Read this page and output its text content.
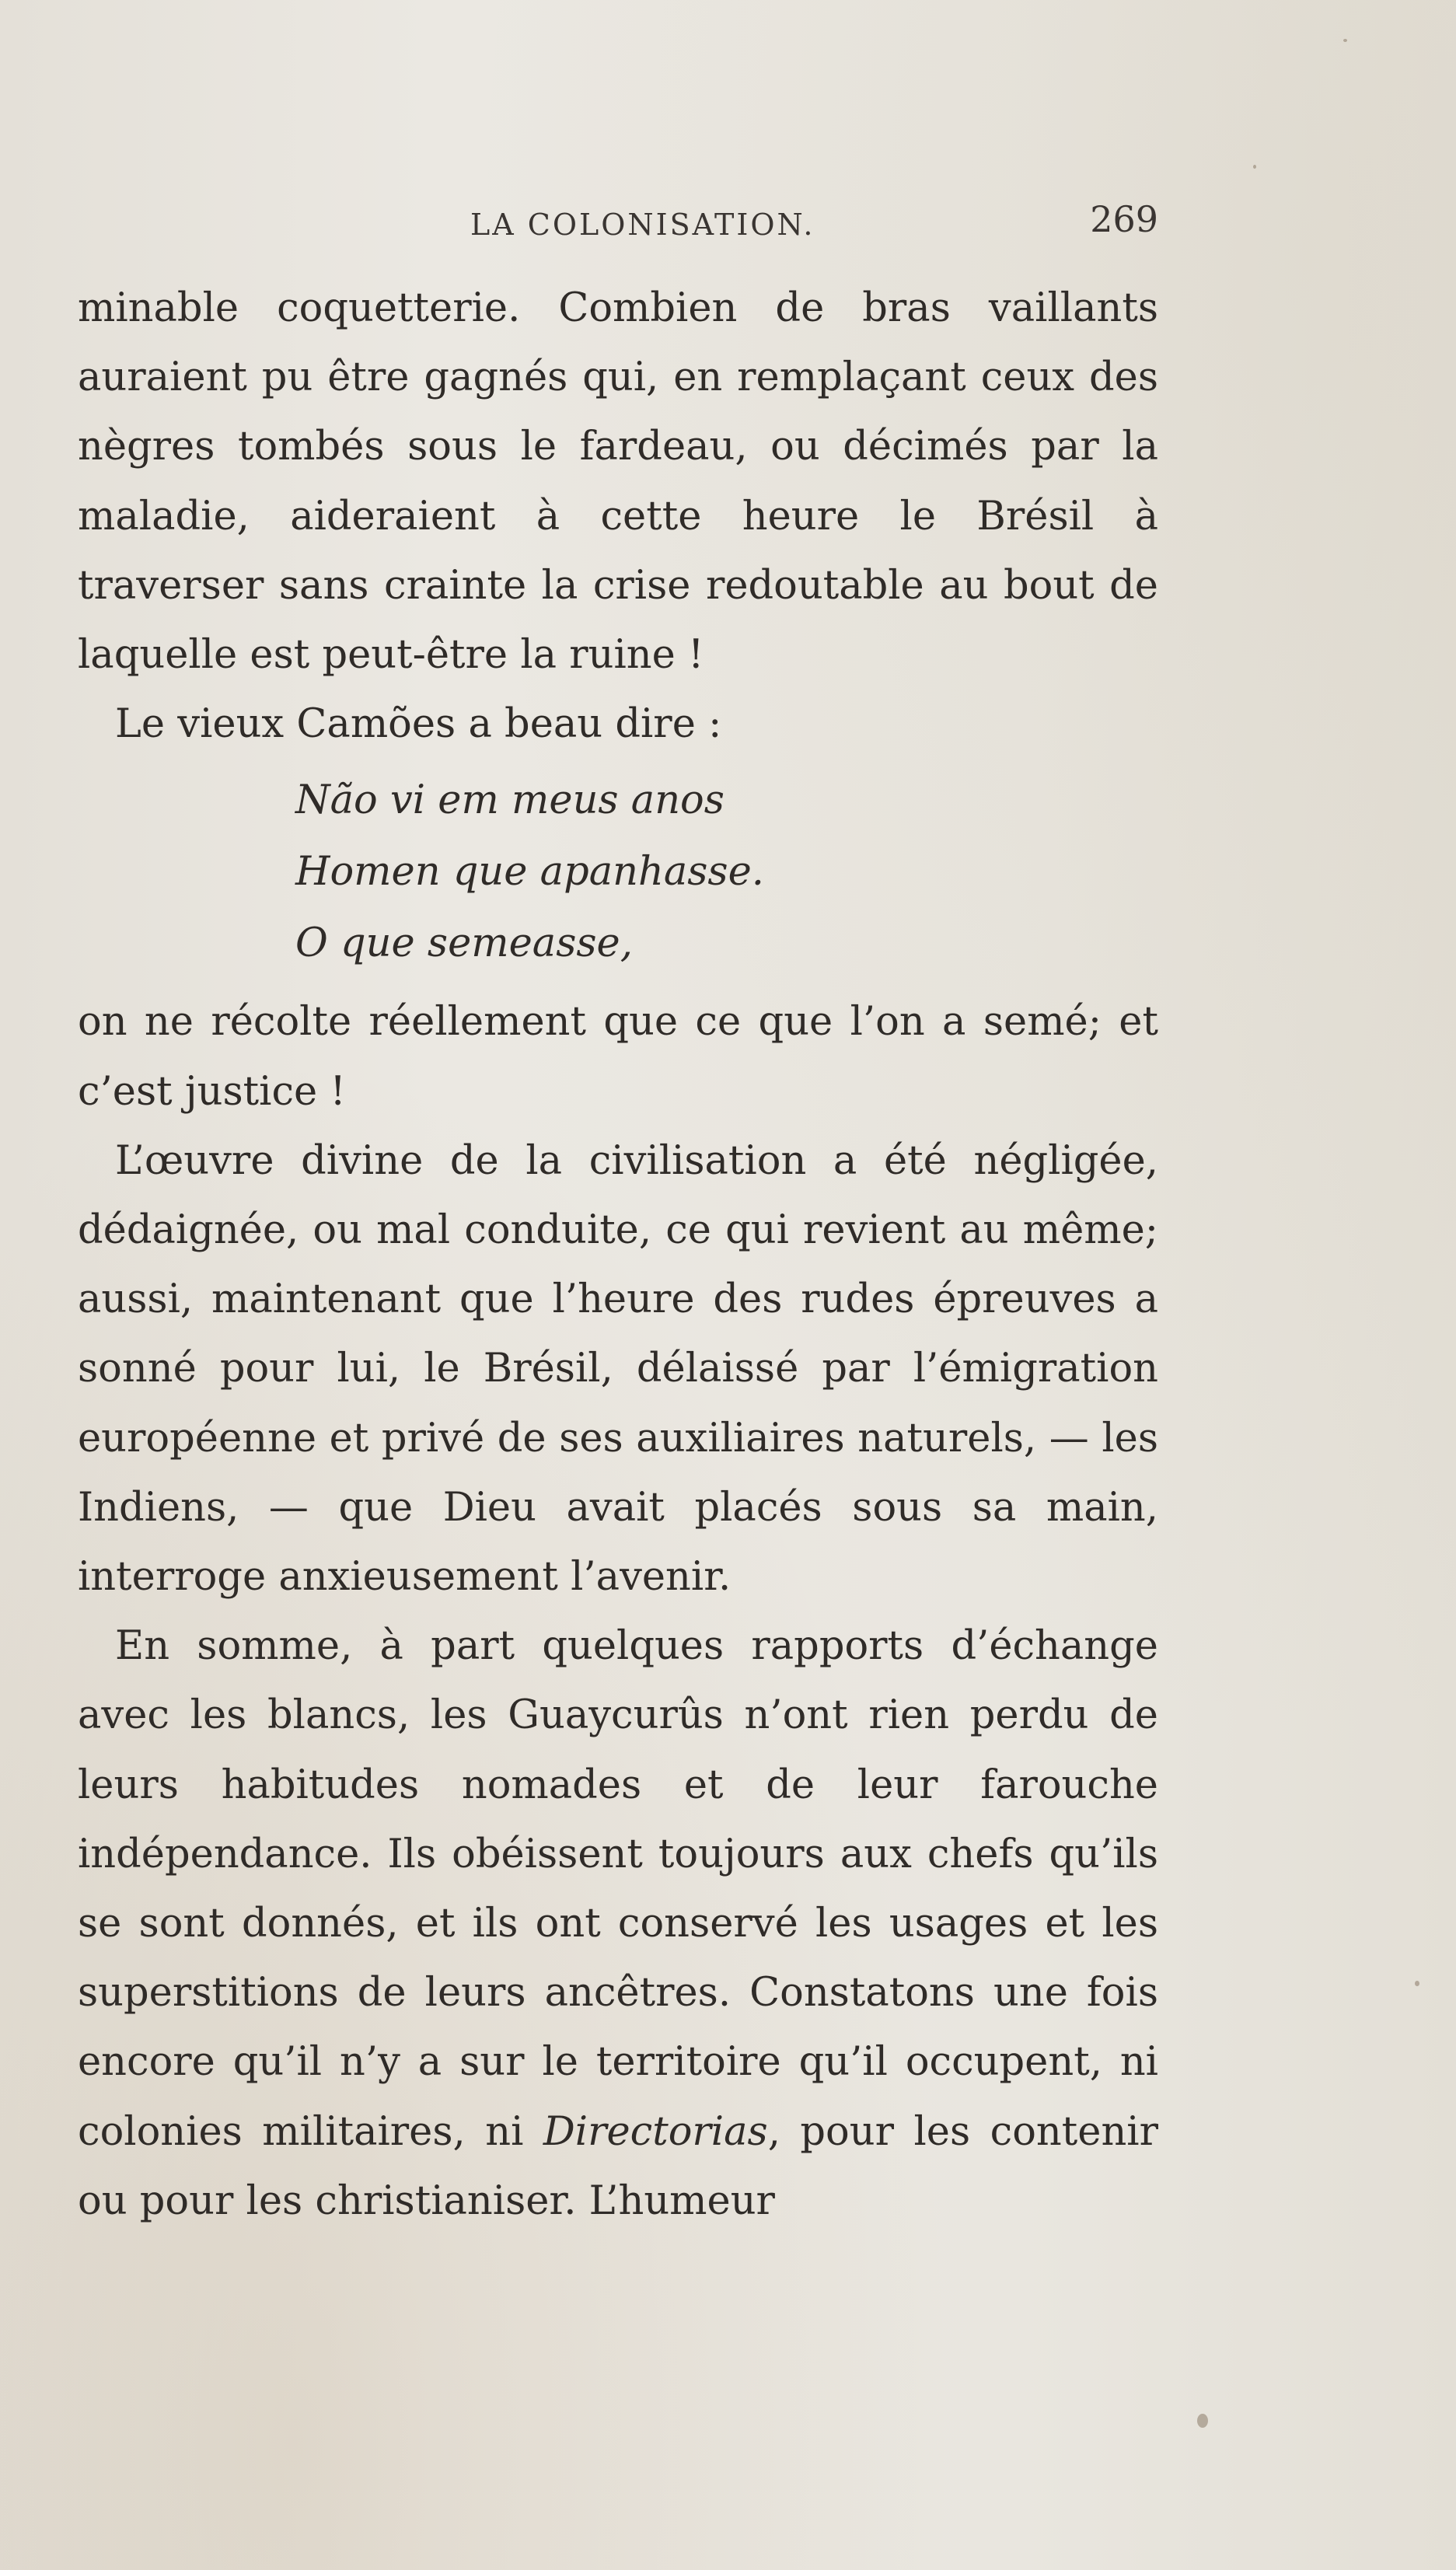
LA COLONISATION.	269

minable coquetterie. Combien de bras vaillants auraient pu être gagnés qui, en remplaçant ceux des nègres tombés sous le fardeau, ou décimés par la maladie, aideraient à cette heure le Brésil à traverser sans crainte la crise redoutable au bout de laquelle est peut-être la ruine !

Le vieux Camões a beau dire :

Não vi em meus anos
Homen que apanhasse.
O que semeasse,

on ne récolte réellement que ce que l’on a semé; et c’est justice !

L’œuvre divine de la civilisation a été négligée, dédaignée, ou mal conduite, ce qui revient au même; aussi, maintenant que l’heure des rudes épreuves a sonné pour lui, le Brésil, délaissé par l’émigration européenne et privé de ses auxiliaires naturels, — les Indiens, — que Dieu avait placés sous sa main, interroge anxieusement l’avenir.

En somme, à part quelques rapports d’échange avec les blancs, les Guaycurûs n’ont rien perdu de leurs habitudes nomades et de leur farouche indépendance. Ils obéissent toujours aux chefs qu’ils se sont donnés, et ils ont conservé les usages et les superstitions de leurs ancêtres. Constatons une fois encore qu’il n’y a sur le territoire qu’il occupent, ni colonies militaires, ni Directorias, pour les contenir ou pour les christianiser. L’humeur
